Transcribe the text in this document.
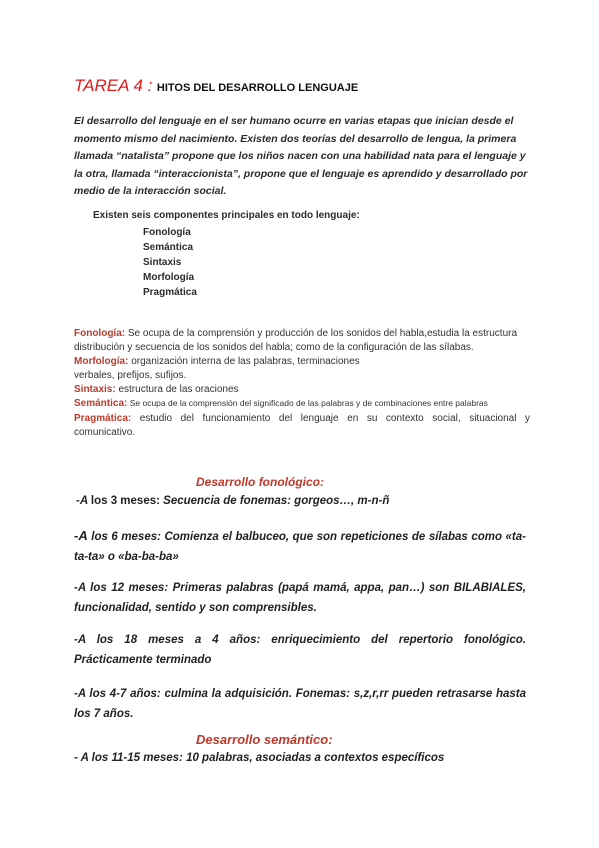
TAREA 4 : HITOS DEL DESARROLLO LENGUAJE

El desarrollo del lenguaje en el ser humano ocurre en varias etapas que inician desde el momento mismo del nacimiento. Existen dos teorías del desarrollo de lengua, la primera llamada “natalista” propone que los niños nacen con una habilidad nata para el lenguaje y la otra, llamada “interaccionista”, propone que el lenguaje es aprendido y desarrollado por medio de la interacción social.

Existen seis componentes principales en todo lenguaje:
Fonología
Semántica
Sintaxis
Morfología
Pragmática
Fonología: Se ocupa de la comprensión y producción de los sonidos del habla,estudia la estructura distribución y secuencia de los sonidos del habla; como de la configuración de las sílabas.
Morfología: organización interna de las palabras, terminaciones verbales, prefijos, sufijos.
Sintaxis: estructura de las oraciones
Semántica: Se ocupa de la comprensión del significado de las palabras y de combinaciones entre palabras
Pragmática: estudio del funcionamiento del lenguaje en su contexto social, situacional y comunicativo.
Desarrollo fonológico:
-A los 3 meses: Secuencia de fonemas: gorgeos…, m-n-ñ
-A los 6 meses: Comienza el balbuceo, que son repeticiones de sílabas como «ta-ta-ta» o «ba-ba-ba»
-A los 12 meses: Primeras palabras (papá mamá, appa, pan…) son BILABIALES, funcionalidad, sentido y son comprensibles.
-A los 18 meses a 4 años: enriquecimiento del repertorio fonológico. Prácticamente terminado
-A los 4-7 años: culmina la adquisición. Fonemas: s,z,r,rr pueden retrasarse hasta los 7 años.
Desarrollo semántico:
- A los 11-15 meses: 10 palabras, asociadas a contextos específicos
